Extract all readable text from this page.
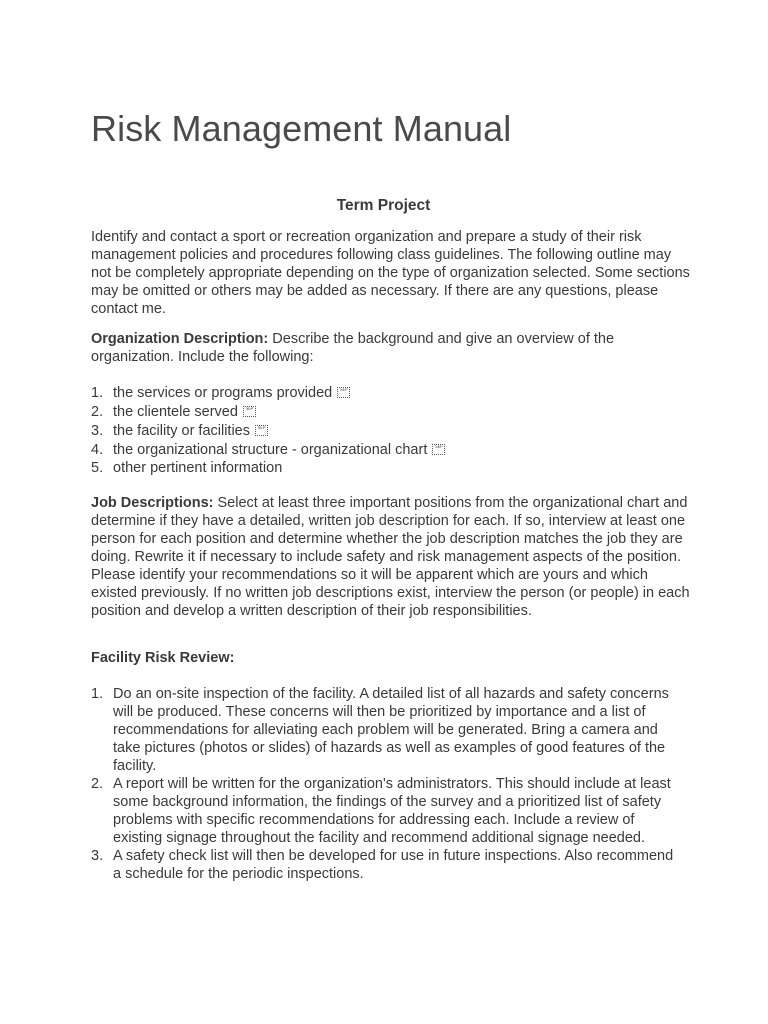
Risk Management Manual
Term Project

Identify and contact a sport or recreation organization and prepare a study of their risk management policies and procedures following class guidelines. The following outline may not be completely appropriate depending on the type of organization selected. Some sections may be omitted or others may be added as necessary. If there are any questions, please contact me.

Organization Description: Describe the background and give an overview of the organization. Include the following:

1. the services or programs provided SEP
2. the clientele served SEP
3. the facility or facilities SEP
4. the organizational structure - organizational chart SEP
5. other pertinent information

Job Descriptions: Select at least three important positions from the organizational chart and determine if they have a detailed, written job description for each. If so, interview at least one person for each position and determine whether the job description matches the job they are doing. Rewrite it if necessary to include safety and risk management aspects of the position. Please identify your recommendations so it will be apparent which are yours and which existed previously. If no written job descriptions exist, interview the person (or people) in each position and develop a written description of their job responsibilities.

Facility Risk Review:

1. Do an on-site inspection of the facility. A detailed list of all hazards and safety concerns will be produced. These concerns will then be prioritized by importance and a list of recommendations for alleviating each problem will be generated. Bring a camera and take pictures (photos or slides) of hazards as well as examples of good features of the facility.
2. A report will be written for the organization's administrators. This should include at least some background information, the findings of the survey and a prioritized list of safety problems with specific recommendations for addressing each. Include a review of existing signage throughout the facility and recommend additional signage needed.
3. A safety check list will then be developed for use in future inspections. Also recommend a schedule for the periodic inspections.
